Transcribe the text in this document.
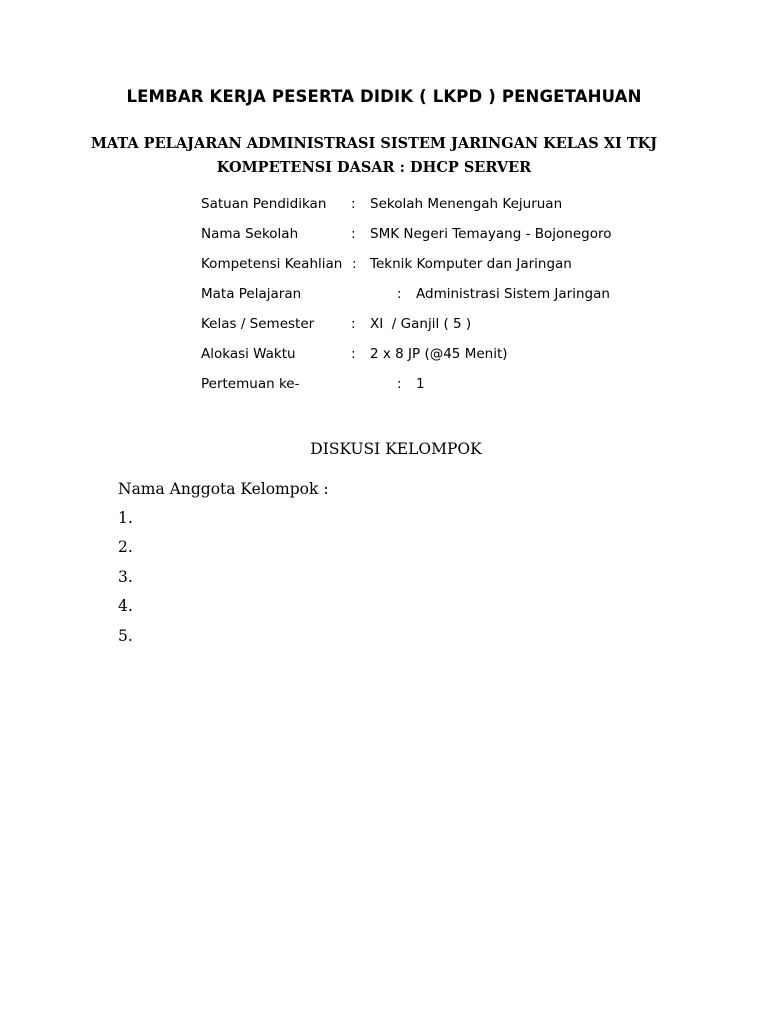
LEMBAR KERJA PESERTA DIDIK ( LKPD ) PENGETAHUAN
MATA PELAJARAN ADMINISTRASI SISTEM JARINGAN KELAS XI TKJ
KOMPETENSI DASAR : DHCP SERVER
Satuan Pendidikan : Sekolah Menengah Kejuruan
Nama Sekolah	: SMK Negeri Temayang - Bojonegoro
Kompetensi Keahlian : Teknik Komputer dan Jaringan
Mata Pelajaran	: Administrasi Sistem Jaringan
Kelas / Semester	: XI  / Ganjil ( 5 )
Alokasi Waktu	: 2 x 8 JP (@45 Menit)
Pertemuan ke-	: 1
DISKUSI KELOMPOK
Nama Anggota Kelompok :
1.
2.
3.
4.
5.
